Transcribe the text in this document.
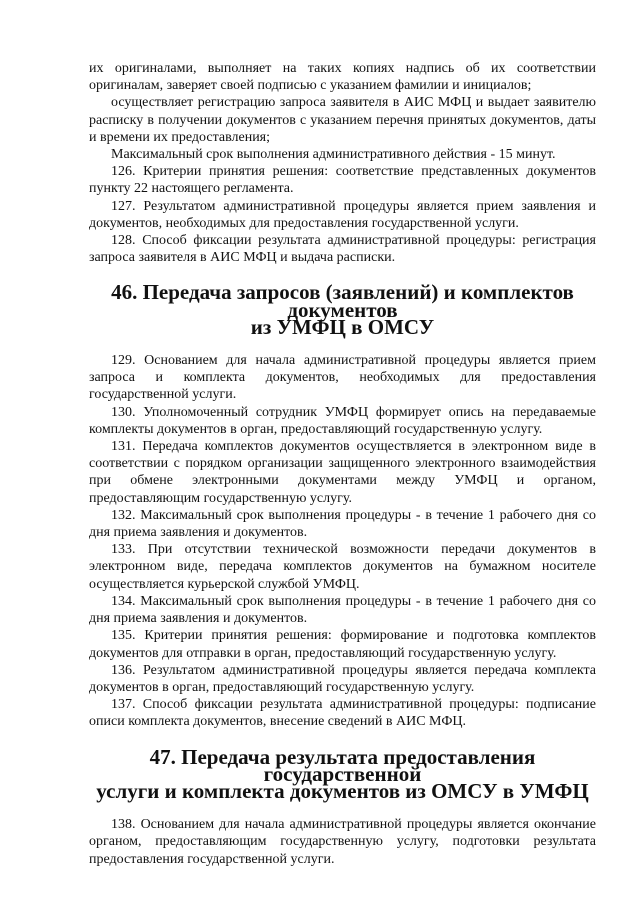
их оригиналами, выполняет на таких копиях надпись об их соответствии оригиналам, заверяет своей подписью с указанием фамилии и инициалов;

осуществляет регистрацию запроса заявителя в АИС МФЦ и выдает заявителю расписку в получении документов с указанием перечня принятых документов, даты и времени их предоставления;

Максимальный срок выполнения административного действия - 15 минут.

126. Критерии принятия решения: соответствие представленных документов пункту 22 настоящего регламента.

127. Результатом административной процедуры является прием заявления и документов, необходимых для предоставления государственной услуги.

128. Способ фиксации результата административной процедуры: регистрация запроса заявителя в АИС МФЦ и выдача расписки.

46. Передача запросов (заявлений) и комплектов документов
из УМФЦ в ОМСУ

129. Основанием для начала административной процедуры является прием запроса и комплекта документов, необходимых для предоставления государственной услуги.

130. Уполномоченный сотрудник УМФЦ формирует опись на передаваемые комплекты документов в орган, предоставляющий государственную услугу.

131. Передача комплектов документов осуществляется в электронном виде в соответствии с порядком организации защищенного электронного взаимодействия при обмене электронными документами между УМФЦ и органом, предоставляющим государственную услугу.

132. Максимальный срок выполнения процедуры - в течение 1 рабочего дня со дня приема заявления и документов.

133. При отсутствии технической возможности передачи документов в электронном виде, передача комплектов документов на бумажном носителе осуществляется курьерской службой УМФЦ.

134. Максимальный срок выполнения процедуры - в течение 1 рабочего дня со дня приема заявления и документов.

135. Критерии принятия решения: формирование и подготовка комплектов документов для отправки в орган, предоставляющий государственную услугу.

136. Результатом административной процедуры является передача комплекта документов в орган, предоставляющий государственную услугу.

137. Способ фиксации результата административной процедуры: подписание описи комплекта документов, внесение сведений в АИС МФЦ.

47. Передача результата предоставления государственной
услуги и комплекта документов из ОМСУ в УМФЦ

138. Основанием для начала административной процедуры является окончание органом, предоставляющим государственную услугу, подготовки результата предоставления государственной услуги.
